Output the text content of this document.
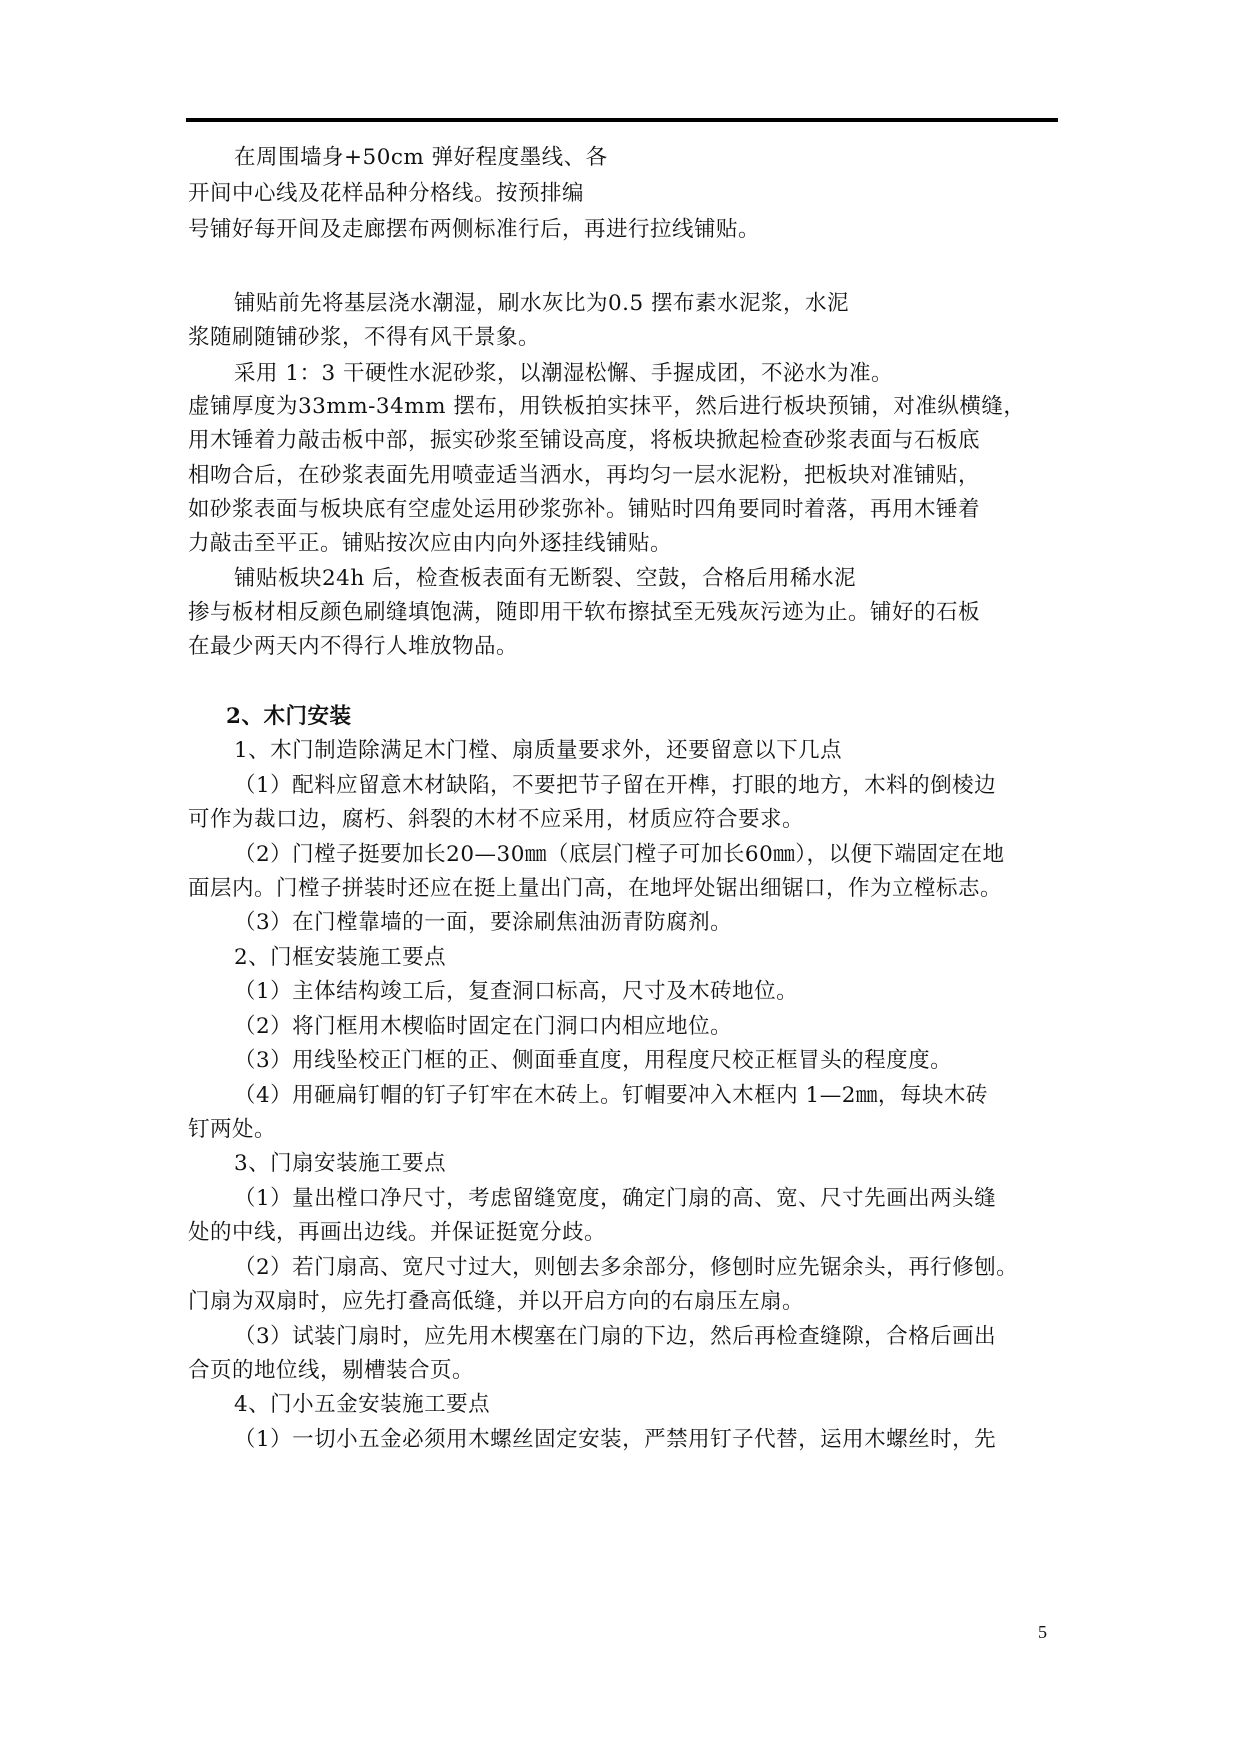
在周围墙身+50cm 弹好程度墨线、各
开间中心线及花样品种分格线。按预排编
号铺好每开间及走廊摆布两侧标准行后，再进行拉线铺贴。
铺贴前先将基层浇水潮湿，刷水灰比为0.5 摆布素水泥浆，水泥
浆随刷随铺砂浆，不得有风干景象。
采用 1：3 干硬性水泥砂浆，以潮湿松懈、手握成团，不泌水为准。
虚铺厚度为33mm-34mm 摆布，用铁板拍实抹平，然后进行板块预铺，对准纵横缝，
用木锤着力敲击板中部，振实砂浆至铺设高度，将板块掀起检查砂浆表面与石板底
相吻合后，在砂浆表面先用喷壶适当洒水，再均匀一层水泥粉，把板块对准铺贴，
如砂浆表面与板块底有空虚处运用砂浆弥补。铺贴时四角要同时着落，再用木锤着
力敲击至平正。铺贴按次应由内向外逐挂线铺贴。
铺贴板块24h 后，检查板表面有无断裂、空鼓，合格后用稀水泥
掺与板材相反颜色刷缝填饱满，随即用干软布擦拭至无残灰污迹为止。铺好的石板
在最少两天内不得行人堆放物品。
2、木门安装
1、木门制造除满足木门樘、扇质量要求外，还要留意以下几点
（1）配料应留意木材缺陷，不要把节子留在开榫，打眼的地方，木料的倒棱边
可作为裁口边，腐朽、斜裂的木材不应采用，材质应符合要求。
（2）门樘子挺要加长20—30㎜（底层门樘子可加长60㎜），以便下端固定在地
面层内。门樘子拼装时还应在挺上量出门高，在地坪处锯出细锯口，作为立樘标志。
（3）在门樘靠墙的一面，要涂刷焦油沥青防腐剂。
2、门框安装施工要点
（1）主体结构竣工后，复查洞口标高，尺寸及木砖地位。
（2）将门框用木楔临时固定在门洞口内相应地位。
（3）用线坠校正门框的正、侧面垂直度，用程度尺校正框冒头的程度度。
（4）用砸扁钉帽的钉子钉牢在木砖上。钉帽要冲入木框内 1—2㎜，每块木砖
钉两处。
3、门扇安装施工要点
（1）量出樘口净尺寸，考虑留缝宽度，确定门扇的高、宽、尺寸先画出两头缝
处的中线，再画出边线。并保证挺宽分歧。
（2）若门扇高、宽尺寸过大，则刨去多余部分，修刨时应先锯余头，再行修刨。
门扇为双扇时，应先打叠高低缝，并以开启方向的右扇压左扇。
（3）试装门扇时，应先用木楔塞在门扇的下边，然后再检查缝隙，合格后画出
合页的地位线，剔槽装合页。
4、门小五金安装施工要点
（1）一切小五金必须用木螺丝固定安装，严禁用钉子代替，运用木螺丝时，先
5
